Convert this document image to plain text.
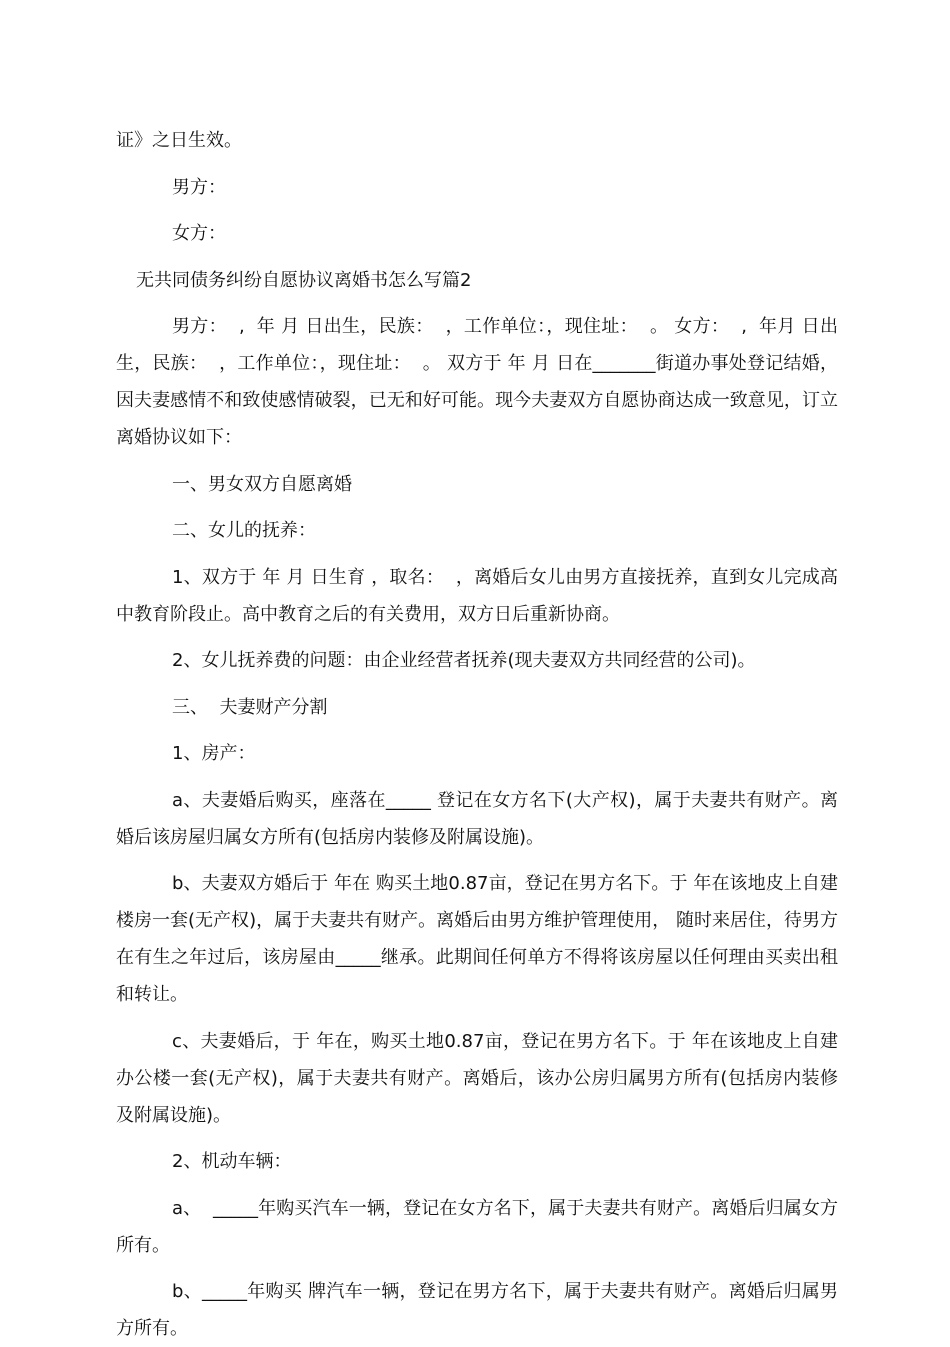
证》之日生效。

男方：

女方：

无共同债务纠纷自愿协议离婚书怎么写篇2

男方：  ,  年 月 日出生，民族：  ，工作单位：，现住址：  。 女方：  ,  年月 日出生，民族：  ，工作单位：，现住址：  。 双方于 年 月 日在_______街道办事处登记结婚，因夫妻感情不和致使感情破裂，已无和好可能。现今夫妻双方自愿协商达成一致意见，订立离婚协议如下：

一、男女双方自愿离婚

二、女儿的抚养：

1、双方于 年 月 日生育 ，取名：  ，离婚后女儿由男方直接抚养，直到女儿完成高中教育阶段止。高中教育之后的有关费用，双方日后重新协商。

2、女儿抚养费的问题：由企业经营者抚养(现夫妻双方共同经营的公司)。

三、  夫妻财产分割

1、房产：

a、夫妻婚后购买，座落在_____ 登记在女方名下(大产权)，属于夫妻共有财产。离婚后该房屋归属女方所有(包括房内装修及附属设施)。

b、夫妻双方婚后于 年在 购买土地0.87亩，登记在男方名下。于 年在该地皮上自建楼房一套(无产权)，属于夫妻共有财产。离婚后由男方维护管理使用， 随时来居住，待男方在有生之年过后，该房屋由_____继承。此期间任何单方不得将该房屋以任何理由买卖出租和转让。

c、夫妻婚后，于 年在，购买土地0.87亩，登记在男方名下。于 年在该地皮上自建办公楼一套(无产权)，属于夫妻共有财产。离婚后，该办公房归属男方所有(包括房内装修及附属设施)。

2、机动车辆：

a、  _____年购买汽车一辆，登记在女方名下，属于夫妻共有财产。离婚后归属女方所有。

b、_____年购买 牌汽车一辆，登记在男方名下，属于夫妻共有财产。离婚后归属男方所有。
